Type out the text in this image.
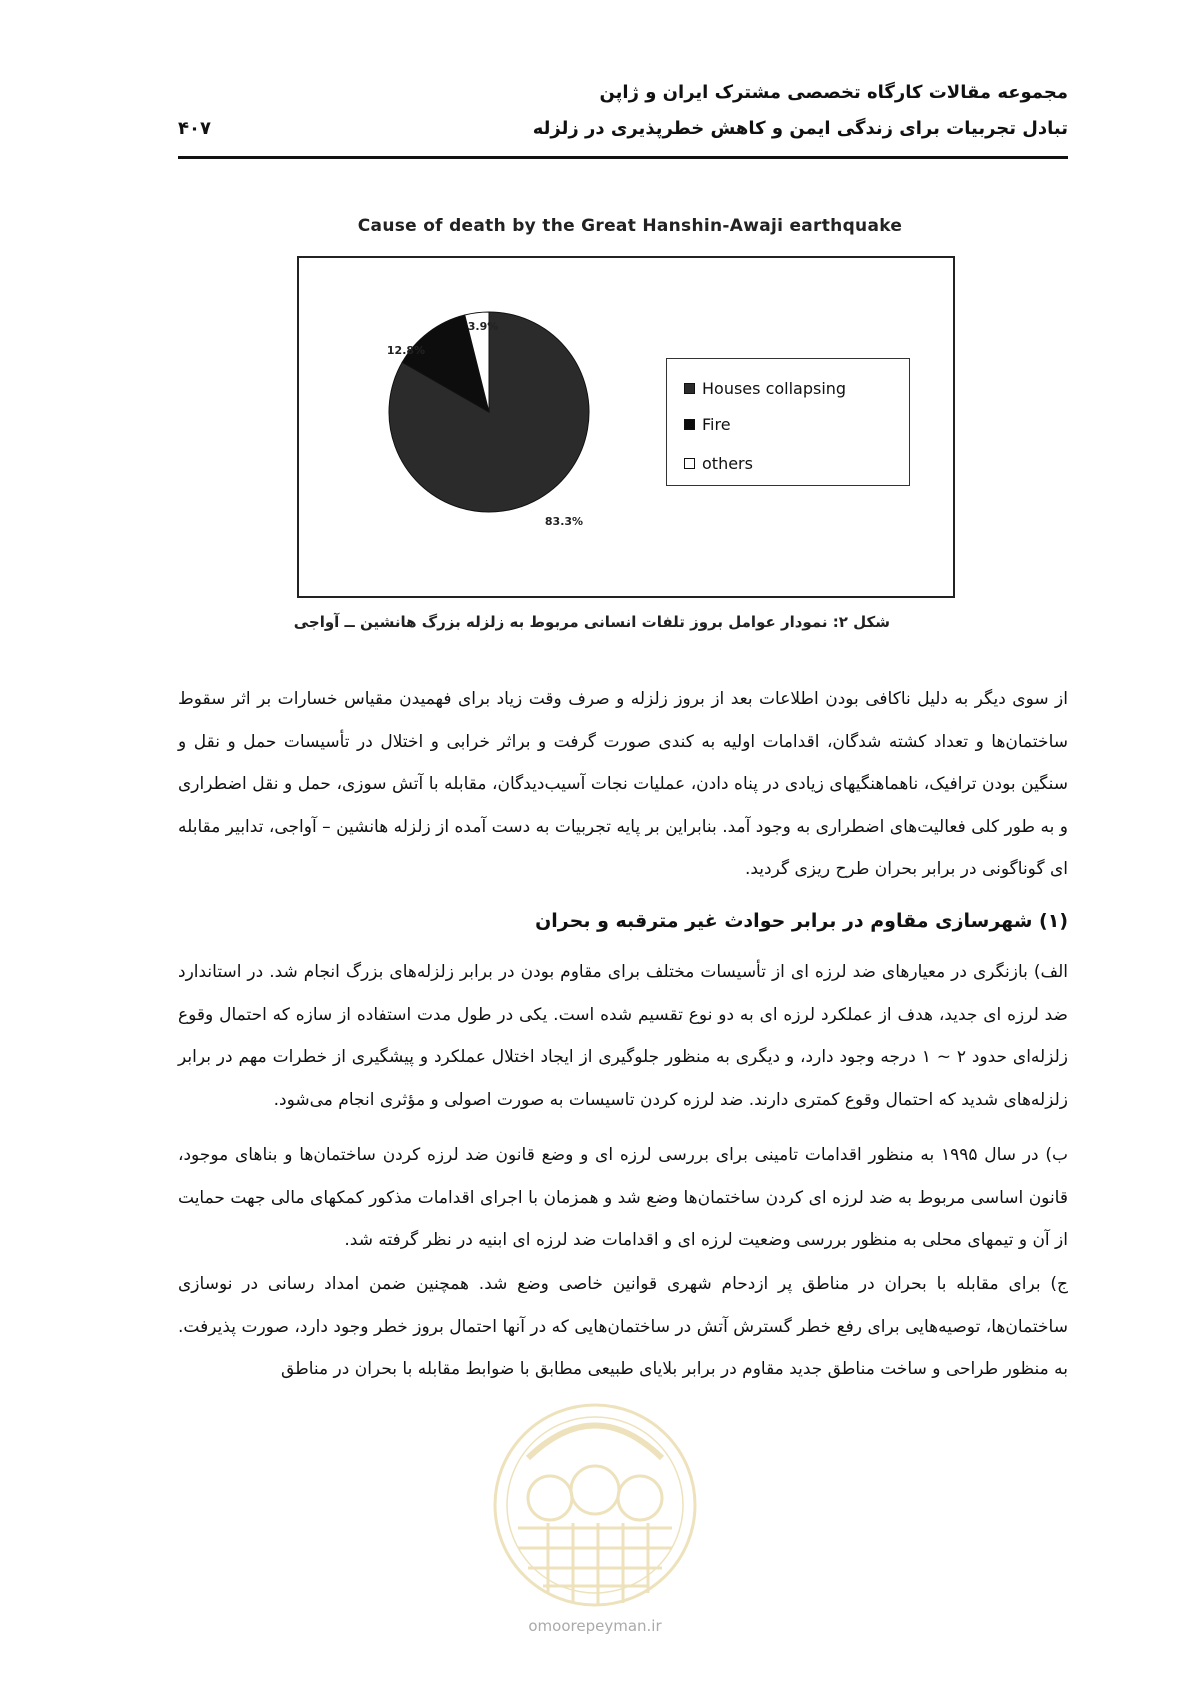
مجموعه مقالات کارگاه تخصصی مشترک ایران و ژاپن
تبادل تجربیات برای زندگی ایمن و کاهش خطرپذیری در زلزله
۴۰۷
Cause of death by the Great Hanshin-Awaji earthquake
83.3%
12.8%
3.9%
Houses collapsing
Fire
others
شکل ۲: نمودار عوامل بروز تلفات انسانی مربوط به زلزله بزرگ هانشین ــ آواجی
از سوی دیگر به دلیل ناکافی بودن اطلاعات بعد از بروز زلزله و صرف وقت زیاد برای فهمیدن مقیاس خسارات بر اثر سقوط ساختمان‌ها و تعداد کشته شدگان، اقدامات اولیه به کندی صورت گرفت و براثر خرابی و اختلال در تأسیسات حمل و نقل و سنگین بودن ترافیک، ناهماهنگیهای زیادی در پناه دادن، عملیات نجات آسیب‌دیدگان، مقابله با آتش سوزی، حمل و نقل اضطراری و به طور کلی فعالیت‌های اضطراری به وجود آمد. بنابراین بر پایه تجربیات به دست آمده از زلزله هانشین – آواجی، تدابیر مقابله ای گوناگونی در برابر بحران طرح ریزی گردید.
(۱) شهرسازی مقاوم در برابر حوادث غیر مترقبه و بحران
الف) بازنگری در معیارهای ضد لرزه ای از تأسیسات مختلف برای مقاوم بودن در برابر زلزله‌های بزرگ انجام شد. در استاندارد ضد لرزه ای جدید، هدف از عملکرد لرزه ای به دو نوع تقسیم شده است. یکی در طول مدت استفاده از سازه که احتمال وقوع زلزله‌ای حدود ۲ ~ ۱ درجه وجود دارد، و دیگری به منظور جلوگیری از ایجاد اختلال عملکرد و پیشگیری از خطرات مهم در برابر زلزله‌های شدید که احتمال وقوع کمتری دارند. ضد لرزه کردن تاسیسات به صورت اصولی و مؤثری انجام می‌شود.
ب) در سال ۱۹۹۵ به منظور اقدامات تامینی برای بررسی لرزه ای و وضع قانون ضد لرزه کردن ساختمان‌ها و بناهای موجود، قانون اساسی مربوط به ضد لرزه ای کردن ساختمان‌ها وضع شد و همزمان با اجرای اقدامات مذکور کمکهای مالی جهت حمایت از آن و تیمهای محلی به منظور بررسی وضعیت لرزه ای و اقدامات ضد لرزه ای ابنیه در نظر گرفته شد.
ج) برای مقابله با بحران در مناطق پر ازدحام شهری قوانین خاصی وضع شد. همچنین ضمن امداد رسانی در نوسازی ساختمان‌ها، توصیه‌هایی برای رفع خطر گسترش آتش در ساختمان‌هایی که در آنها احتمال بروز خطر وجود دارد، صورت پذیرفت. به منظور طراحی و ساخت مناطق جدید مقاوم در برابر بلایای طبیعی مطابق با ضوابط مقابله با بحران در مناطق
omoorepeyman.ir
